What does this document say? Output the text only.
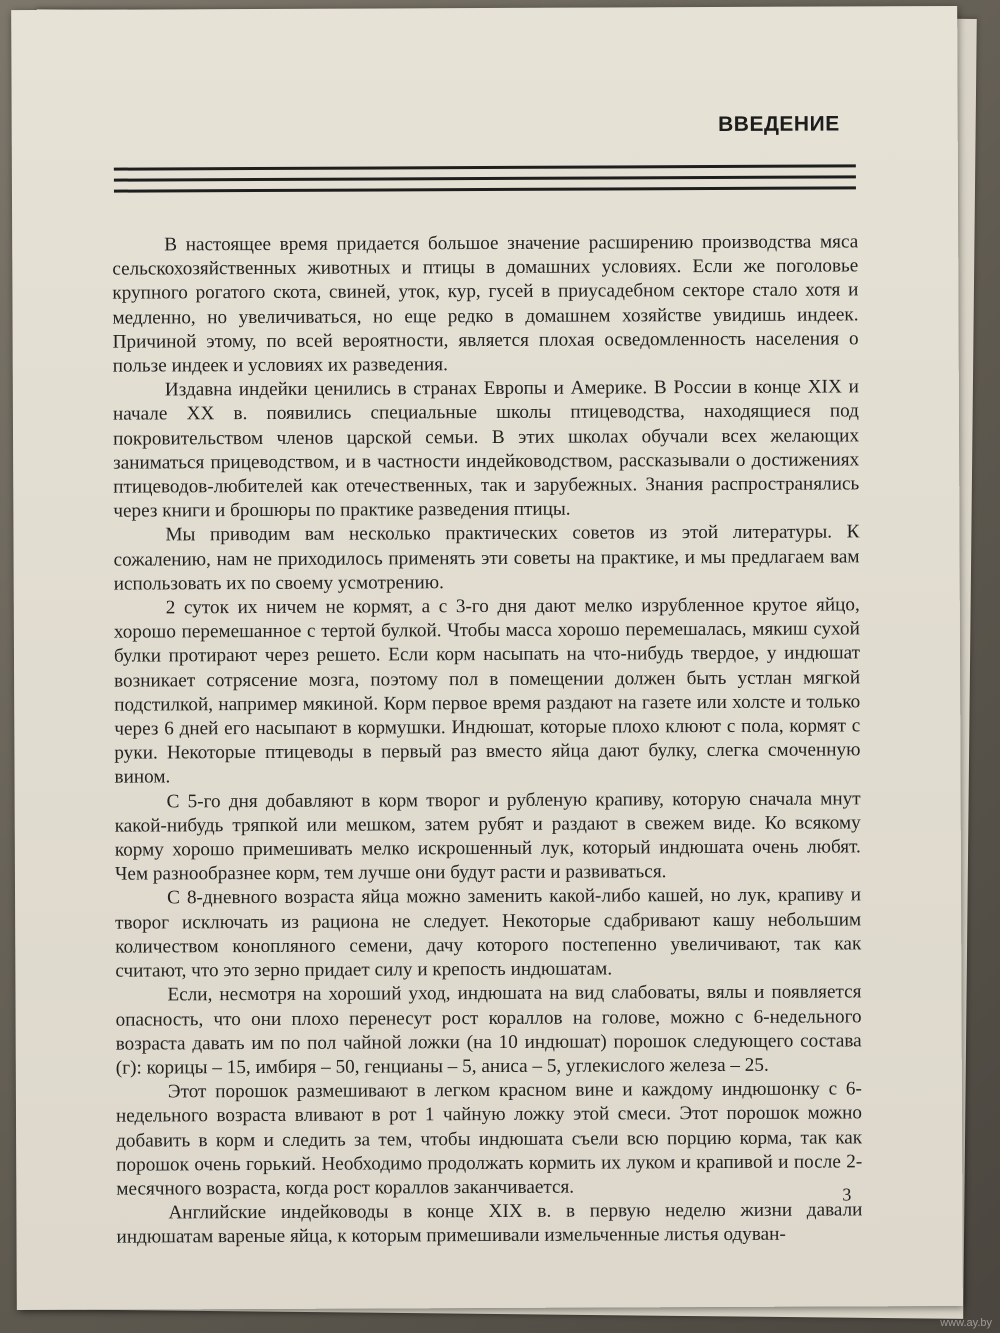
ВВЕДЕНИЕ

В настоящее время придается большое значение расширению производства мяса сельскохозяйственных животных и птицы в домашних условиях. Если же поголовье крупного рогатого скота, свиней, уток, кур, гусей в приусадебном секторе стало хотя и медленно, но увеличиваться, но еще редко в домашнем хозяйстве увидишь индеек. Причиной этому, по всей вероятности, является плохая осведомленность населения о пользе индеек и условиях их разведения.

Издавна индейки ценились в странах Европы и Америке. В России в конце XIX и начале XX в. появились специальные школы птицеводства, находящиеся под покровительством членов царской семьи. В этих школах обучали всех желающих заниматься прицеводством, и в частности индейководством, рассказывали о достижениях птицеводов-любителей как отечественных, так и зарубежных. Знания распространялись через книги и брошюры по практике разведения птицы.

Мы приводим вам несколько практических советов из этой литературы. К сожалению, нам не приходилось применять эти советы на практике, и мы предлагаем вам использовать их по своему усмотрению.

2 суток их ничем не кормят, а с 3-го дня дают мелко изрубленное крутое яйцо, хорошо перемешанное с тертой булкой. Чтобы масса хорошо перемешалась, мякиш сухой булки протирают через решето. Если корм насыпать на что-нибудь твердое, у индюшат возникает сотрясение мозга, поэтому пол в помещении должен быть устлан мягкой подстилкой, например мякиной. Корм первое время раздают на газете или холсте и только через 6 дней его насыпают в кормушки. Индюшат, которые плохо клюют с пола, кормят с руки. Некоторые птицеводы в первый раз вместо яйца дают булку, слегка смоченную вином.

С 5-го дня добавляют в корм творог и рубленую крапиву, которую сначала мнут какой-нибудь тряпкой или мешком, затем рубят и раздают в свежем виде. Ко всякому корму хорошо примешивать мелко искрошенный лук, который индюшата очень любят. Чем разнообразнее корм, тем лучше они будут расти и развиваться.

С 8-дневного возраста яйца можно заменить какой-либо кашей, но лук, крапиву и творог исключать из рациона не следует. Некоторые сдабривают кашу небольшим количеством конопляного семени, дачу которого постепенно увеличивают, так как считают, что это зерно придает силу и крепость индюшатам.

Если, несмотря на хороший уход, индюшата на вид слабоваты, вялы и появляется опасность, что они плохо перенесут рост кораллов на голове, можно с 6-недельного возраста давать им по пол чайной ложки (на 10 индюшат) порошок следующего состава (г): корицы – 15, имбиря – 50, генцианы – 5, аниса – 5, углекислого железа – 25.

Этот порошок размешивают в легком красном вине и каждому индюшонку с 6-недельного возраста вливают в рот 1 чайную ложку этой смеси. Этот порошок можно добавить в корм и следить за тем, чтобы индюшата съели всю порцию корма, так как порошок очень горький. Необходимо продолжать кормить их луком и крапивой и после 2-месячного возраста, когда рост кораллов заканчивается.

Английские индейководы в конце XIX в. в первую неделю жизни давали индюшатам вареные яйца, к которым примешивали измельченные листья одуван-

3
www.ay.by
